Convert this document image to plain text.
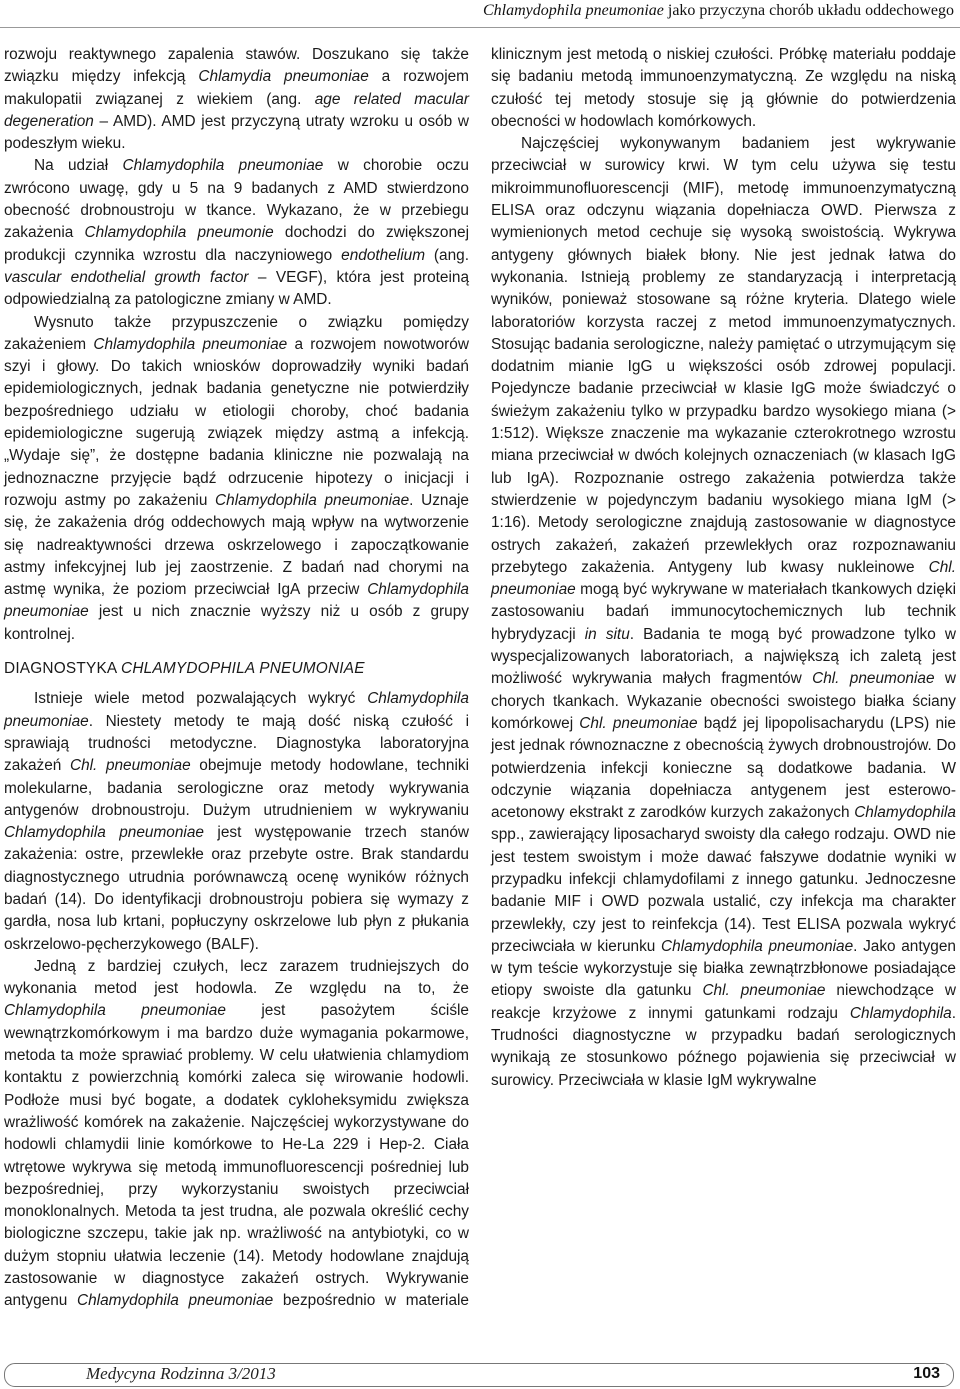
Chlamydophila pneumoniae jako przyczyna chorób układu oddechowego

rozwoju reaktywnego zapalenia stawów. Doszukano się także związku między infekcją Chlamydia pneumoniae a rozwojem makulopatii związanej z wiekiem (ang. age related macular degeneration – AMD). AMD jest przyczyną utraty wzroku u osób w podeszłym wieku.

Na udział Chlamydophila pneumoniae w chorobie oczu zwrócono uwagę, gdy u 5 na 9 badanych z AMD stwierdzono obecność drobnoustroju w tkance. Wykazano, że w przebiegu zakażenia Chlamydophila pneumonie dochodzi do zwiększonej produkcji czynnika wzrostu dla naczyniowego endothelium (ang. vascular endothelial growth factor – VEGF), która jest proteiną odpowiedzialną za patologiczne zmiany w AMD.

Wysnuto także przypuszczenie o związku pomiędzy zakażeniem Chlamydophila pneumoniae a rozwojem nowotworów szyi i głowy. Do takich wniosków doprowadziły wyniki badań epidemiologicznych, jednak badania genetyczne nie potwierdziły bezpośredniego udziału w etiologii choroby, choć badania epidemiologiczne sugerują związek między astmą a infekcją. „Wydaje się”, że dostępne badania kliniczne nie pozwalają na jednoznaczne przyjęcie bądź odrzucenie hipotezy o inicjacji i rozwoju astmy po zakażeniu Chlamydophila pneumoniae. Uznaje się, że zakażenia dróg oddechowych mają wpływ na wytworzenie się nadreaktywności drzewa oskrzelowego i zapoczątkowanie astmy infekcyjnej lub jej zaostrzenie. Z badań nad chorymi na astmę wynika, że poziom przeciwciał IgA przeciw Chlamydophila pneumoniae jest u nich znacznie wyższy niż u osób z grupy kontrolnej.

DIAGNOSTYKA CHLAMYDOPHILA PNEUMONIAE

Istnieje wiele metod pozwalających wykryć Chlamydophila pneumoniae. Niestety metody te mają dość niską czułość i sprawiają trudności metodyczne. Diagnostyka laboratoryjna zakażeń Chl. pneumoniae obejmuje metody hodowlane, techniki molekularne, badania serologiczne oraz metody wykrywania antygenów drobnoustroju. Dużym utrudnieniem w wykrywaniu Chlamydophila pneumoniae jest występowanie trzech stanów zakażenia: ostre, przewlekłe oraz przebyte ostre. Brak standardu diagnostycznego utrudnia porównawczą ocenę wyników różnych badań (14). Do identyfikacji drobnoustroju pobiera się wymazy z gardła, nosa lub krtani, popłuczyny oskrzelowe lub płyn z płukania oskrzelowo-pęcherzykowego (BALF).

Jedną z bardziej czułych, lecz zarazem trudniejszych do wykonania metod jest hodowla. Ze względu na to, że Chlamydophila pneumoniae jest pasożytem ściśle wewnątrzkomórkowym i ma bardzo duże wymagania pokarmowe, metoda ta może sprawiać problemy. W celu ułatwienia chlamydiom kontaktu z powierzchnią komórki zaleca się wirowanie hodowli. Podłoże musi być bogate, a dodatek cykloheksymidu zwiększa wrażliwość komórek na zakażenie. Najczęściej wykorzystywane do hodowli chlamydii linie komórkowe to He-La 229 i Hep-2. Ciała wtrętowe wykrywa się metodą immunofluorescencji pośredniej lub bezpośredniej, przy wykorzystaniu swoistych przeciwciał monoklonalnych. Metoda ta jest trudna, ale pozwala określić cechy biologiczne szczepu, takie jak np. wrażliwość na antybiotyki, co w dużym stopniu ułatwia leczenie (14). Metody hodowlane znajdują zastosowanie w diagnostyce zakażeń ostrych. Wykrywanie antygenu Chlamydophila pneumoniae bezpośrednio w materiale klinicznym jest metodą o niskiej czułości. Próbkę materiału poddaje się badaniu metodą immunoenzymatyczną. Ze względu na niską czułość tej metody stosuje się ją głównie do potwierdzenia obecności w hodowlach komórkowych.

Najczęściej wykonywanym badaniem jest wykrywanie przeciwciał w surowicy krwi. W tym celu używa się testu mikroimmunofluorescencji (MIF), metodę immunoenzymatyczną ELISA oraz odczynu wiązania dopełniacza OWD. Pierwsza z wymienionych metod cechuje się wysoką swoistością. Wykrywa antygeny głównych białek błony. Nie jest jednak łatwa do wykonania. Istnieją problemy ze standaryzacją i interpretacją wyników, ponieważ stosowane są różne kryteria. Dlatego wiele laboratoriów korzysta raczej z metod immunoenzymatycznych. Stosując badania serologiczne, należy pamiętać o utrzymującym się dodatnim mianie IgG u większości osób zdrowej populacji. Pojedyncze badanie przeciwciał w klasie IgG może świadczyć o świeżym zakażeniu tylko w przypadku bardzo wysokiego miana (> 1:512). Większe znaczenie ma wykazanie czterokrotnego wzrostu miana przeciwciał w dwóch kolejnych oznaczeniach (w klasach IgG lub IgA). Rozpoznanie ostrego zakażenia potwierdza także stwierdzenie w pojedynczym badaniu wysokiego miana IgM (> 1:16). Metody serologiczne znajdują zastosowanie w diagnostyce ostrych zakażeń, zakażeń przewlekłych oraz rozpoznawaniu przebytego zakażenia. Antygeny lub kwasy nukleinowe Chl. pneumoniae mogą być wykrywane w materiałach tkankowych dzięki zastosowaniu badań immunocytochemicznych lub technik hybrydyzacji in situ. Badania te mogą być prowadzone tylko w wyspecjalizowanych laboratoriach, a największą ich zaletą jest możliwość wykrywania małych fragmentów Chl. pneumoniae w chorych tkankach. Wykazanie obecności swoistego białka ściany komórkowej Chl. pneumoniae bądź jej lipopolisacharydu (LPS) nie jest jednak równoznaczne z obecnością żywych drobnoustrojów. Do potwierdzenia infekcji konieczne są dodatkowe badania. W odczynie wiązania dopełniacza antygenem jest esterowo-acetonowy ekstrakt z zarodków kurzych zakażonych Chlamydophila spp., zawierający liposacharyd swoisty dla całego rodzaju. OWD nie jest testem swoistym i może dawać fałszywe dodatnie wyniki w przypadku infekcji chlamydofilami z innego gatunku. Jednoczesne badanie MIF i OWD pozwala ustalić, czy infekcja ma charakter przewlekły, czy jest to reinfekcja (14). Test ELISA pozwala wykryć przeciwciała w kierunku Chlamydophila pneumoniae. Jako antygen w tym teście wykorzystuje się białka zewnątrzbłonowe posiadające etiopy swoiste dla gatunku Chl. pneumoniae niewchodzące w reakcje krzyżowe z innymi gatunkami rodzaju Chlamydophila. Trudności diagnostyczne w przypadku badań serologicznych wynikają ze stosunkowo późnego pojawienia się przeciwciał w surowicy. Przeciwciała w klasie IgM wykrywalne

Medycyna Rodzinna 3/2013	103
